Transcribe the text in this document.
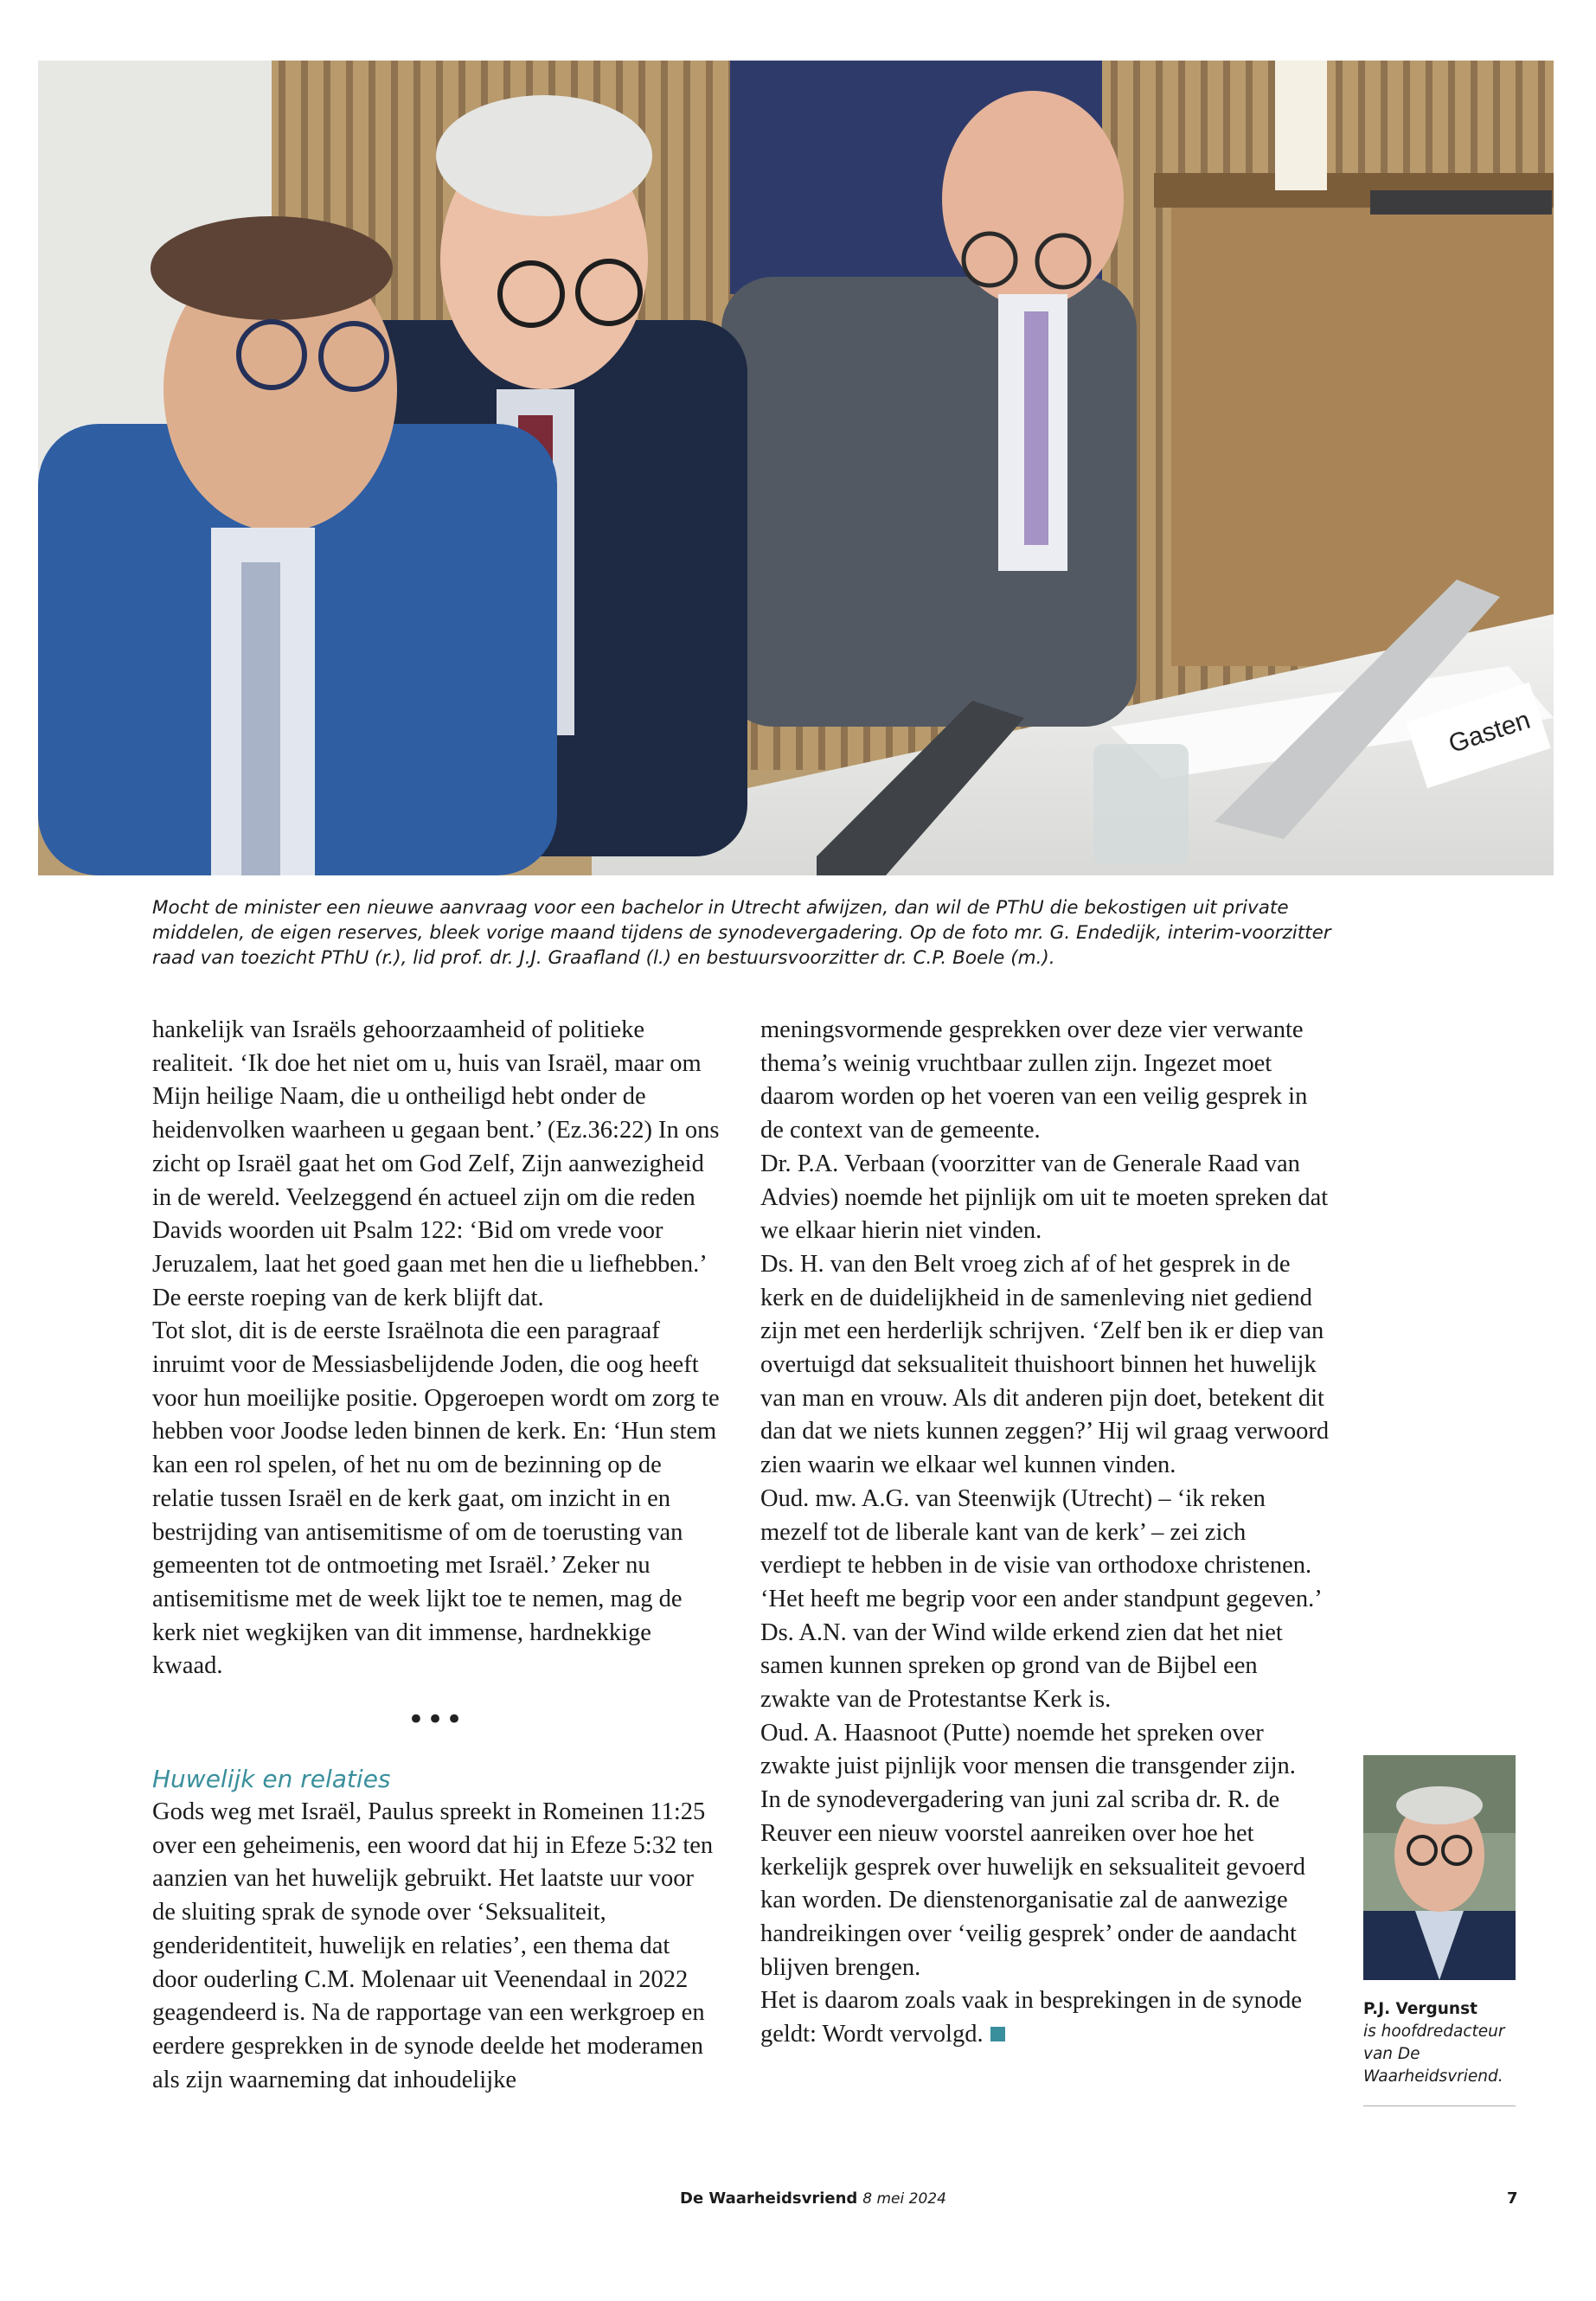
Gasten

Mocht de minister een nieuwe aanvraag voor een bachelor in Utrecht afwijzen, dan wil de PThU die bekostigen uit private middelen, de eigen reserves, bleek vorige maand tijdens de synodevergadering. Op de foto mr. G. Endedijk, interim-voorzitter raad van toezicht PThU (r.), lid prof. dr. J.J. Graafland (l.) en bestuursvoorzitter dr. C.P. Boele (m.).

hankelijk van Israëls gehoorzaamheid of politieke realiteit. ‘Ik doe het niet om u, huis van Israël, maar om Mijn heilige Naam, die u ontheiligd hebt onder de heidenvolken waarheen u gegaan bent.’ (Ez.36:22) In ons zicht op Israël gaat het om God Zelf, Zijn aanwezigheid in de wereld. Veelzeggend én actueel zijn om die reden Davids woorden uit Psalm 122: ‘Bid om vrede voor Jeruzalem, laat het goed gaan met hen die u liefhebben.’ De eerste roeping van de kerk blijft dat.

Tot slot, dit is de eerste Israëlnota die een paragraaf inruimt voor de Messiasbelijdende Joden, die oog heeft voor hun moeilijke positie. Opgeroepen wordt om zorg te hebben voor Joodse leden binnen de kerk. En: ‘Hun stem kan een rol spelen, of het nu om de bezinning op de relatie tussen Israël en de kerk gaat, om inzicht in en bestrijding van antisemitisme of om de toerusting van gemeenten tot de ontmoeting met Israël.’ Zeker nu antisemitisme met de week lijkt toe te nemen, mag de kerk niet wegkijken van dit immense, hardnekkige kwaad.

•••
Huwelijk en relaties

Gods weg met Israël, Paulus spreekt in Romeinen 11:25 over een geheimenis, een woord dat hij in Efeze 5:32 ten aanzien van het huwelijk gebruikt. Het laatste uur voor de sluiting sprak de synode over ‘Seksualiteit, genderidentiteit, huwelijk en relaties’, een thema dat door ouderling C.M. Molenaar uit Veenendaal in 2022 geagendeerd is. Na de rapportage van een werkgroep en eerdere gesprekken in de synode deelde het moderamen als zijn waarneming dat inhoudelijke

meningsvormende gesprekken over deze vier verwante thema’s weinig vruchtbaar zullen zijn. Ingezet moet daarom worden op het voeren van een veilig gesprek in de context van de gemeente.

Dr. P.A. Verbaan (voorzitter van de Generale Raad van Advies) noemde het pijnlijk om uit te moeten spreken dat we elkaar hierin niet vinden.

Ds. H. van den Belt vroeg zich af of het gesprek in de kerk en de duidelijkheid in de samenleving niet gediend zijn met een herderlijk schrijven. ‘Zelf ben ik er diep van overtuigd dat seksualiteit thuishoort binnen het huwelijk van man en vrouw. Als dit anderen pijn doet, betekent dit dan dat we niets kunnen zeggen?’ Hij wil graag verwoord zien waarin we elkaar wel kunnen vinden.

Oud. mw. A.G. van Steenwijk (Utrecht) – ‘ik reken mezelf tot de liberale kant van de kerk’ – zei zich verdiept te hebben in de visie van orthodoxe christenen. ‘Het heeft me begrip voor een ander standpunt gegeven.’

Ds. A.N. van der Wind wilde erkend zien dat het niet samen kunnen spreken op grond van de Bijbel een zwakte van de Protestantse Kerk is.

Oud. A. Haasnoot (Putte) noemde het spreken over zwakte juist pijnlijk voor mensen die transgender zijn.

In de synodevergadering van juni zal scriba dr. R. de Reuver een nieuw voorstel aanreiken over hoe het kerkelijk gesprek over huwelijk en seksualiteit gevoerd kan worden. De dienstenorganisatie zal de aanwezige handreikingen over ‘veilig gesprek’ onder de aandacht blijven brengen.

Het is daarom zoals vaak in besprekingen in de synode geldt: Wordt vervolgd.

P.J. Vergunst
is hoofdredacteur van De Waarheidsvriend.
De Waarheidsvriend 8 mei 2024	7
